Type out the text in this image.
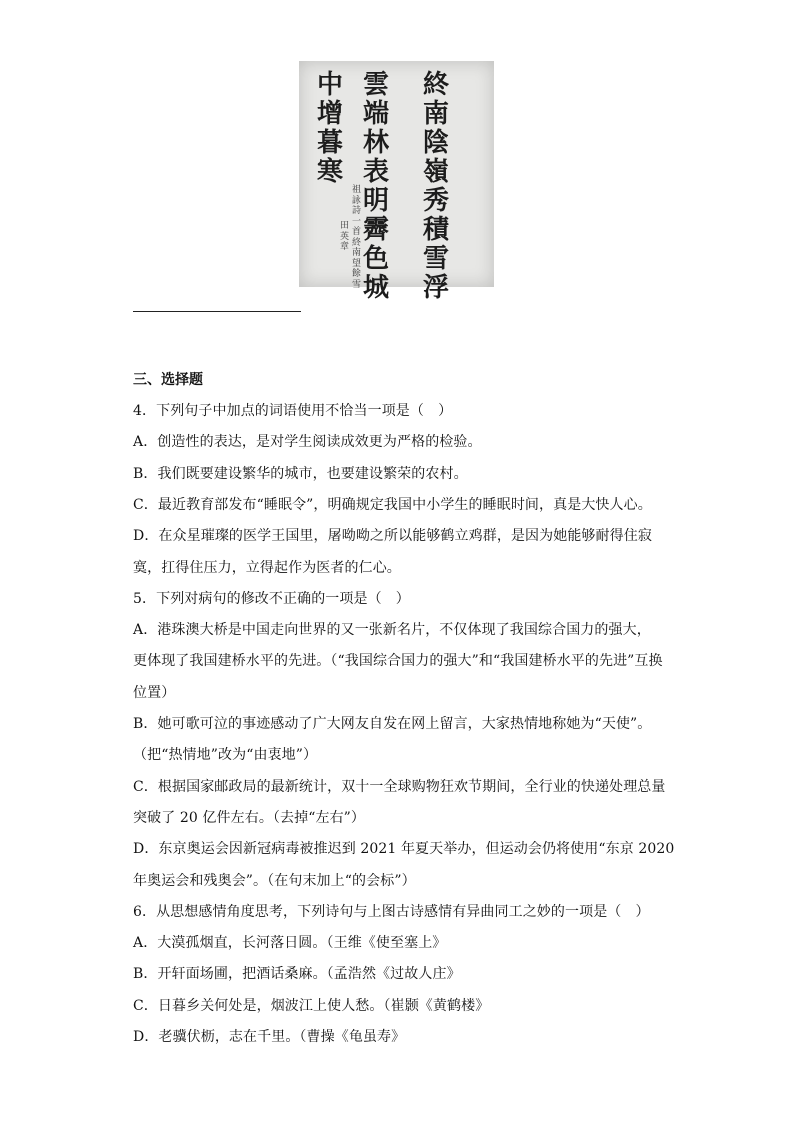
終
南
陰
嶺
秀
積
雪
浮
雲
端
林
表
明
霽
色
城
中
增
暮
寒
祖
詠
詩
一
首
終
南
望
餘
雪
田
英
章
三、选择题
4．下列句子中加点的词语使用不恰当一项是（　）
A．创造性的表达，是对学生阅读成效更为严格的检验。
B．我们既要建设繁华的城市，也要建设繁荣的农村。
C．最近教育部发布“睡眠令”，明确规定我国中小学生的睡眠时间，真是大快人心。
D．在众星璀璨的医学王国里，屠呦呦之所以能够鹤立鸡群，是因为她能够耐得住寂
寞，扛得住压力，立得起作为医者的仁心。
5．下列对病句的修改不正确的一项是（　）
A．港珠澳大桥是中国走向世界的又一张新名片，不仅体现了我国综合国力的强大，
更体现了我国建桥水平的先进。（“我国综合国力的强大”和“我国建桥水平的先进”互换
位置）
B．她可歌可泣的事迹感动了广大网友自发在网上留言，大家热情地称她为“天使”。
（把“热情地”改为“由衷地”）
C．根据国家邮政局的最新统计，双十一全球购物狂欢节期间，全行业的快递处理总量
突破了 20 亿件左右。（去掉“左右”）
D．东京奥运会因新冠病毒被推迟到 2021 年夏天举办，但运动会仍将使用“东京 2020
年奥运会和残奥会”。（在句末加上“的会标”）
6．从思想感情角度思考，下列诗句与上图古诗感情有异曲同工之妙的一项是（　）
A．大漠孤烟直，长河落日圆。（王维《使至塞上》
B．开轩面场圃，把酒话桑麻。（孟浩然《过故人庄》
C．日暮乡关何处是，烟波江上使人愁。（崔颢《黄鹤楼》
D．老骥伏枥，志在千里。（曹操《龟虽寿》
